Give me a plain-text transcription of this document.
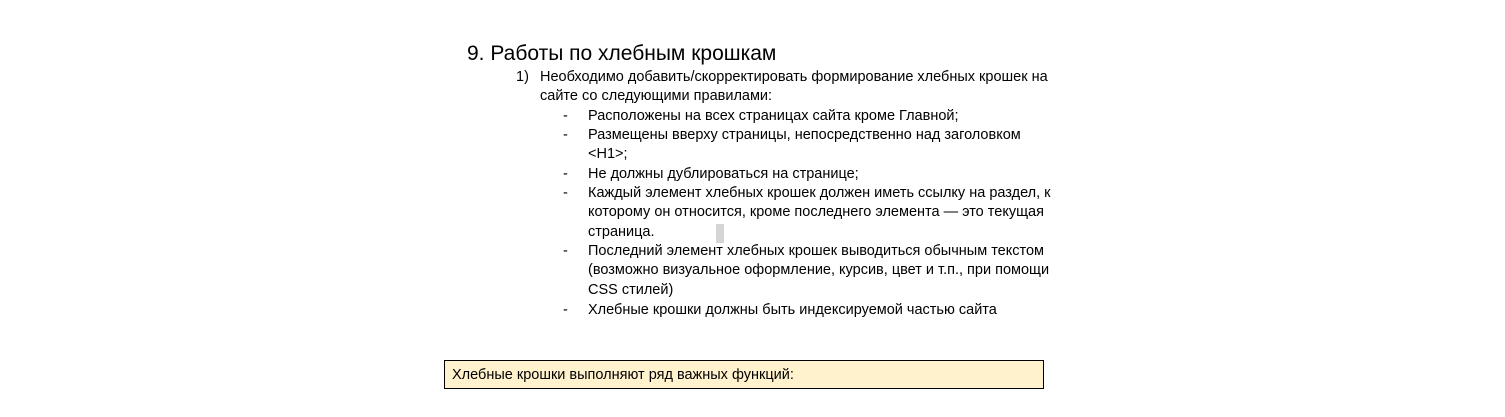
9. Работы по хлебным крошкам
1) Необходимо добавить/скорректировать формирование хлебных крошек на сайте со следующими правилами:
- Расположены на всех страницах сайта кроме Главной;
- Размещены вверху страницы, непосредственно над заголовком <H1>;
- Не должны дублироваться на странице;
- Каждый элемент хлебных крошек должен иметь ссылку на раздел, к которому он относится, кроме последнего элемента — это текущая страница.
- Последний элемент хлебных крошек выводиться обычным текстом (возможно визуальное оформление, курсив, цвет и т.п., при помощи CSS стилей)
- Хлебные крошки должны быть индексируемой частью сайта
Хлебные крошки выполняют ряд важных функций:
